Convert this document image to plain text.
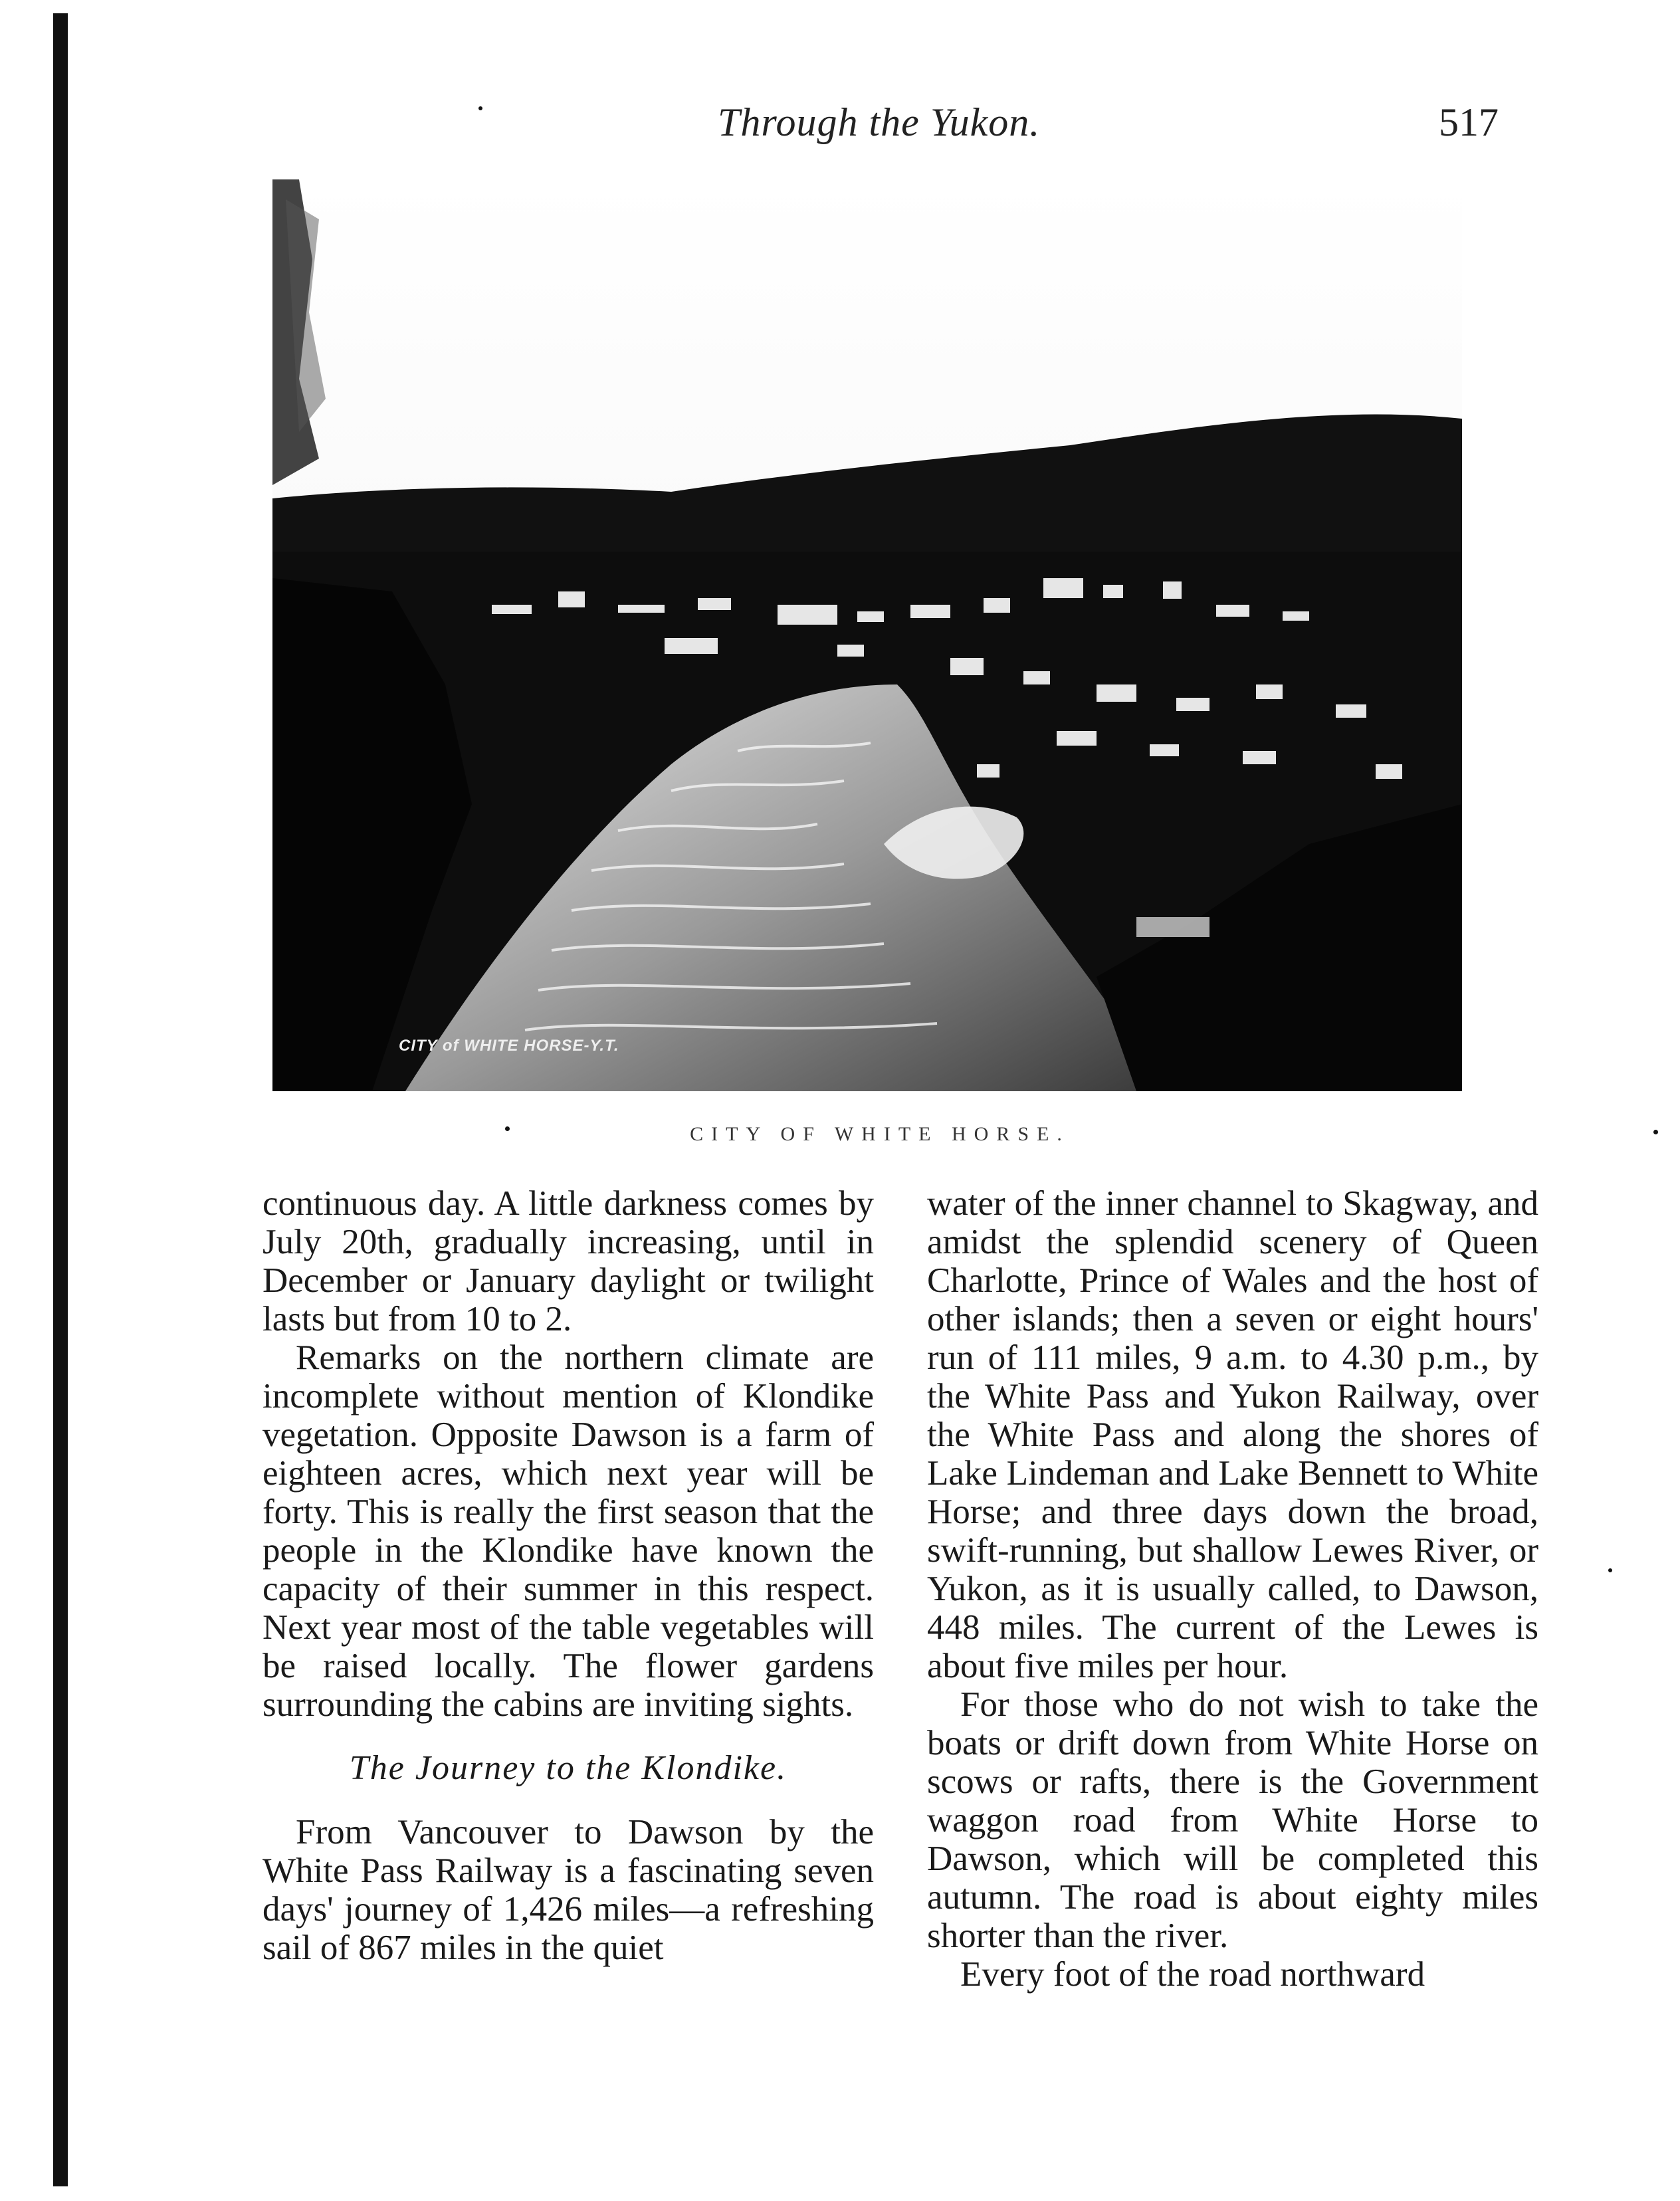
Through the Yukon.	517
CITY of WHITE HORSE-Y.T.
CITY OF WHITE HORSE.

continuous day. A little darkness comes by July 20th, gradually increasing, until in December or January daylight or twilight lasts but from 10 to 2.

Remarks on the northern climate are incomplete without mention of Klondike vegetation. Opposite Dawson is a farm of eighteen acres, which next year will be forty. This is really the first season that the people in the Klondike have known the capacity of their summer in this respect. Next year most of the table vegetables will be raised locally. The flower gardens surrounding the cabins are inviting sights.

The Journey to the Klondike.

From Vancouver to Dawson by the White Pass Railway is a fascinating seven days' journey of 1,426 miles—a refreshing sail of 867 miles in the quiet

water of the inner channel to Skagway, and amidst the splendid scenery of Queen Charlotte, Prince of Wales and the host of other islands; then a seven or eight hours' run of 111 miles, 9 a.m. to 4.30 p.m., by the White Pass and Yukon Railway, over the White Pass and along the shores of Lake Lindeman and Lake Bennett to White Horse; and three days down the broad, swift-running, but shallow Lewes River, or Yukon, as it is usually called, to Dawson, 448 miles. The current of the Lewes is about five miles per hour.

For those who do not wish to take the boats or drift down from White Horse on scows or rafts, there is the Government waggon road from White Horse to Dawson, which will be completed this autumn. The road is about eighty miles shorter than the river.

Every foot of the road northward
